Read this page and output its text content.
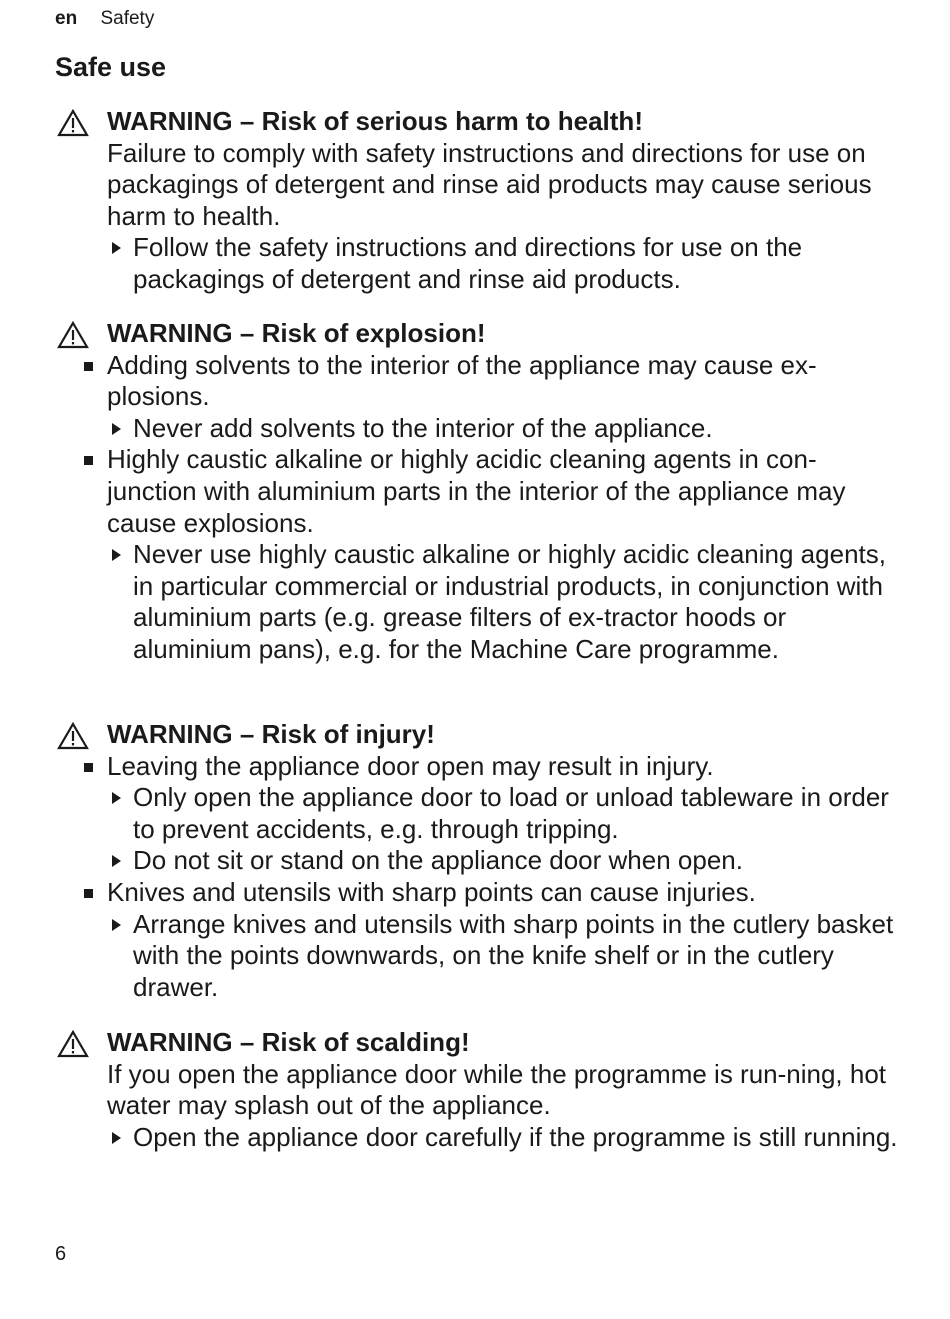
en Safety
Safe use
WARNING – Risk of serious harm to health!
Failure to comply with safety instructions and directions for use on packagings of detergent and rinse aid products may cause serious harm to health.
Follow the safety instructions and directions for use on the packagings of detergent and rinse aid products.
WARNING – Risk of explosion!
Adding solvents to the interior of the appliance may cause ex-plosions.
Never add solvents to the interior of the appliance.
Highly caustic alkaline or highly acidic cleaning agents in con-junction with aluminium parts in the interior of the appliance may cause explosions.
Never use highly caustic alkaline or highly acidic cleaning agents, in particular commercial or industrial products, in conjunction with aluminium parts (e.g. grease filters of ex-tractor hoods or aluminium pans), e.g. for the Machine Care programme.
WARNING – Risk of injury!
Leaving the appliance door open may result in injury.
Only open the appliance door to load or unload tableware in order to prevent accidents, e.g. through tripping.
Do not sit or stand on the appliance door when open.
Knives and utensils with sharp points can cause injuries.
Arrange knives and utensils with sharp points in the cutlery basket with the points downwards, on the knife shelf or in the cutlery drawer.
WARNING – Risk of scalding!
If you open the appliance door while the programme is run-ning, hot water may splash out of the appliance.
Open the appliance door carefully if the programme is still running.
6
